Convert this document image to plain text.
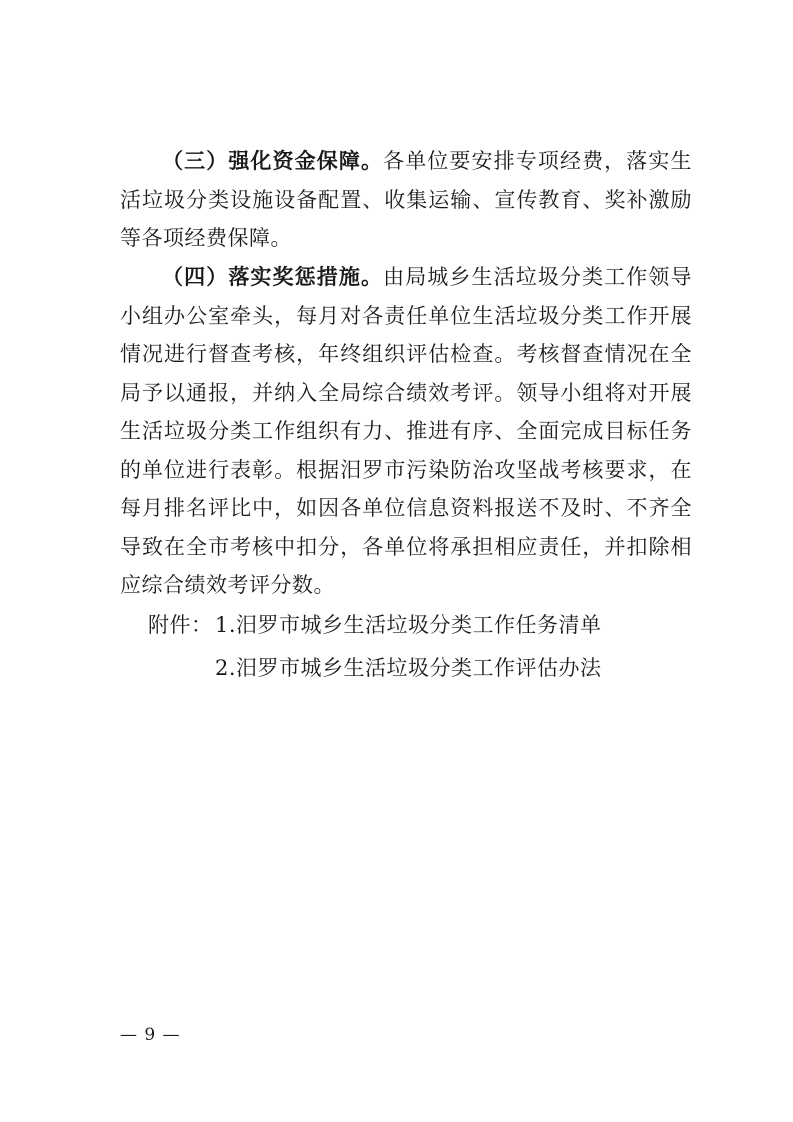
（三）强化资金保障。各单位要安排专项经费，落实生活垃圾分类设施设备配置、收集运输、宣传教育、奖补激励等各项经费保障。

（四）落实奖惩措施。由局城乡生活垃圾分类工作领导小组办公室牵头，每月对各责任单位生活垃圾分类工作开展情况进行督查考核，年终组织评估检查。考核督查情况在全局予以通报，并纳入全局综合绩效考评。领导小组将对开展生活垃圾分类工作组织有力、推进有序、全面完成目标任务的单位进行表彰。根据汨罗市污染防治攻坚战考核要求，在每月排名评比中，如因各单位信息资料报送不及时、不齐全导致在全市考核中扣分，各单位将承担相应责任，并扣除相应综合绩效考评分数。

附件： 1.汨罗市城乡生活垃圾分类工作任务清单
2.汨罗市城乡生活垃圾分类工作评估办法
— 9 —
